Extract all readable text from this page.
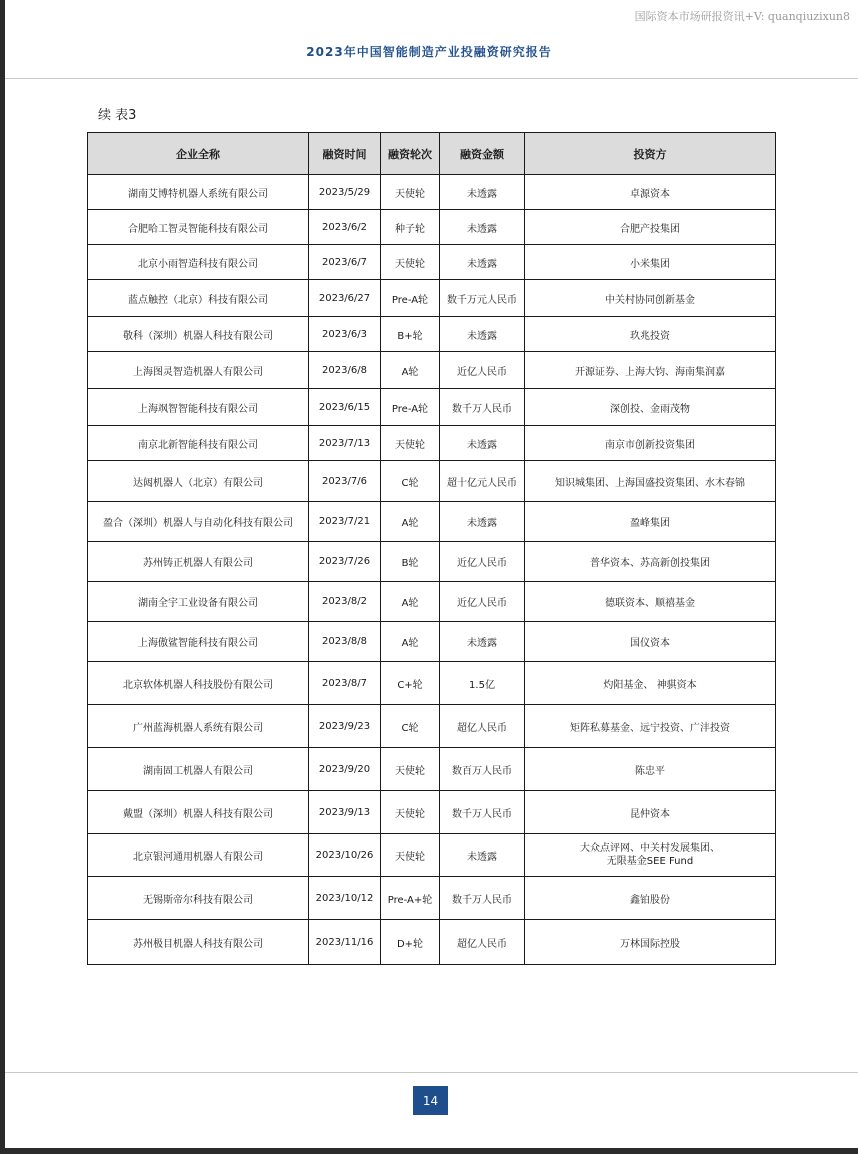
国际资本市场研报资讯+V: quanqiuzixun8
2023年中国智能制造产业投融资研究报告
续 表3
企业全称	融资时间	融资轮次	融资金额	投资方
湖南艾博特机器人系统有限公司	2023/5/29	天使轮	未透露	卓源资本
合肥哈工智灵智能科技有限公司	2023/6/2	种子轮	未透露	合肥产投集团
北京小雨智造科技有限公司	2023/6/7	天使轮	未透露	小米集团
蓝点触控（北京）科技有限公司	2023/6/27	Pre-A轮	数千万元人民币	中关村协同创新基金
敬科（深圳）机器人科技有限公司	2023/6/3	B+轮	未透露	玖兆投资
上海图灵智造机器人有限公司	2023/6/8	A轮	近亿人民币	开源证券、上海大钧、海南集润嘉
上海飒智智能科技有限公司	2023/6/15	Pre-A轮	数千万人民币	深创投、金雨茂物
南京北新智能科技有限公司	2023/7/13	天使轮	未透露	南京市创新投资集团
达闼机器人（北京）有限公司	2023/7/6	C轮	超十亿元人民币	知识城集团、上海国盛投资集团、水木春锦
盈合（深圳）机器人与自动化科技有限公司	2023/7/21	A轮	未透露	盈峰集团
苏州铸正机器人有限公司	2023/7/26	B轮	近亿人民币	普华资本、苏高新创投集团
湖南全宇工业设备有限公司	2023/8/2	A轮	近亿人民币	德联资本、顺禧基金
上海傲鲨智能科技有限公司	2023/8/8	A轮	未透露	国仪资本
北京软体机器人科技股份有限公司	2023/8/7	C+轮	1.5亿	灼阳基金、 神骐资本
广州蓝海机器人系统有限公司	2023/9/23	C轮	超亿人民币	矩阵私募基金、远宁投资、广沣投资
湖南固工机器人有限公司	2023/9/20	天使轮	数百万人民币	陈忠平
戴盟（深圳）机器人科技有限公司	2023/9/13	天使轮	数千万人民币	昆仲资本
北京银河通用机器人有限公司	2023/10/26	天使轮	未透露	大众点评网、中关村发展集团、
无限基金SEE Fund
无锡斯帝尔科技有限公司	2023/10/12	Pre-A+轮	数千万人民币	鑫铂股份
苏州极目机器人科技有限公司	2023/11/16	D+轮	超亿人民币	万林国际控股
14
